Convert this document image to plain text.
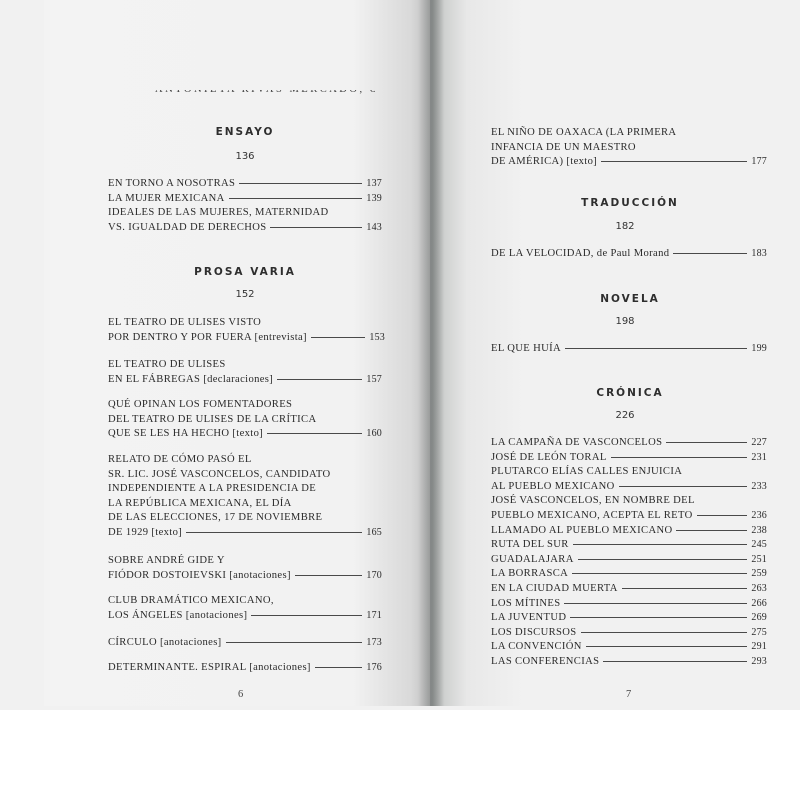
ENSAYO
136
PROSA VARIA
152
EN TORNO A NOSOTRAS	137
LA MUJER MEXICANA	139
IDEALES DE LAS MUJERES, MATERNIDAD
VS. IGUALDAD DE DERECHOS	143
EL TEATRO DE ULISES VISTO
POR DENTRO Y POR FUERA [entrevista]	153
EL TEATRO DE ULISES
EN EL FÁBREGAS [declaraciones]	157
QUÉ OPINAN LOS FOMENTADORES
DEL TEATRO DE ULISES DE LA CRÍTICA
QUE SE LES HA HECHO [texto]	160
RELATO DE CÓMO PASÓ EL
SR. LIC. JOSÉ VASCONCELOS, CANDIDATO
INDEPENDIENTE A LA PRESIDENCIA DE
LA REPÚBLICA MEXICANA, EL DÍA
DE LAS ELECCIONES, 17 DE NOVIEMBRE
DE 1929 [texto]	165
SOBRE ANDRÉ GIDE Y
FIÓDOR DOSTOIEVSKI [anotaciones]	170
CLUB DRAMÁTICO MEXICANO,
LOS ÁNGELES [anotaciones]	171
CÍRCULO [anotaciones]	173
DETERMINANTE. ESPIRAL [anotaciones]	176
6
TRADUCCIÓN
182
NOVELA
198
CRÓNICA
226
EL NIÑO DE OAXACA (LA PRIMERA
INFANCIA DE UN MAESTRO
DE AMÉRICA) [texto]	177
DE LA VELOCIDAD, de Paul Morand	183
EL QUE HUÍA	199
LA CAMPAÑA DE VASCONCELOS	227
JOSÉ DE LEÓN TORAL	231
PLUTARCO ELÍAS CALLES ENJUICIA
AL PUEBLO MEXICANO	233
JOSÉ VASCONCELOS, EN NOMBRE DEL
PUEBLO MEXICANO, ACEPTA EL RETO	236
LLAMADO AL PUEBLO MEXICANO	238
RUTA DEL SUR	245
GUADALAJARA	251
LA BORRASCA	259
EN LA CIUDAD MUERTA	263
LOS MÍTINES	266
LA JUVENTUD	269
LOS DISCURSOS	275
LA CONVENCIÓN	291
LAS CONFERENCIAS	293
7
